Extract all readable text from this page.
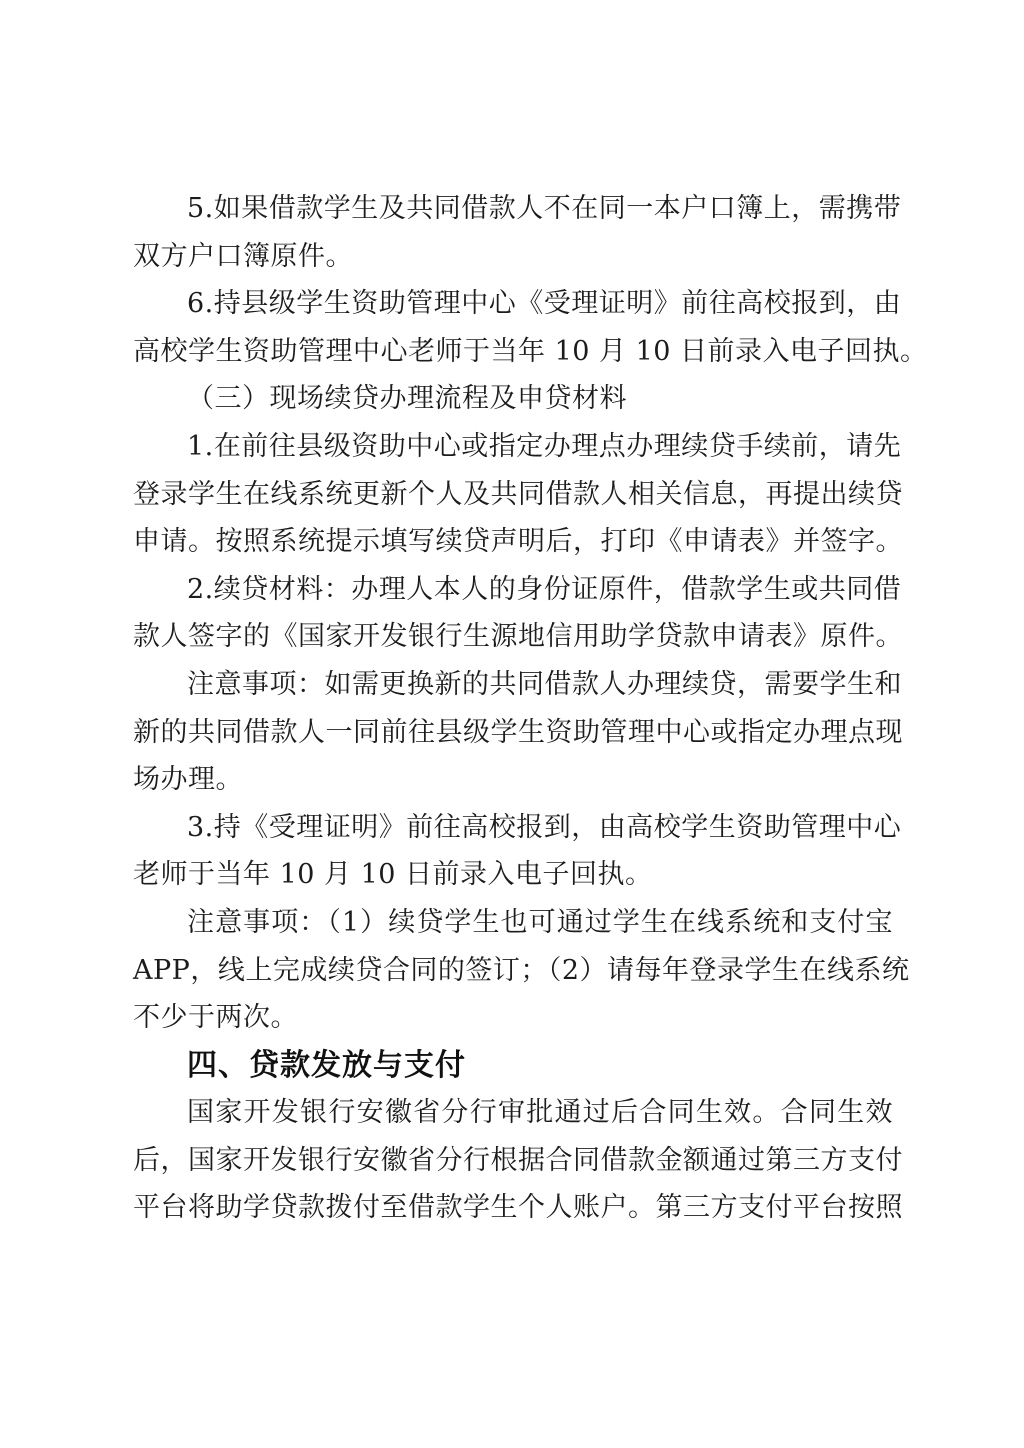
5.如果借款学生及共同借款人不在同一本户口簿上，需携带
双方户口簿原件。
6.持县级学生资助管理中心《受理证明》前往高校报到，由
高校学生资助管理中心老师于当年 10 月 10 日前录入电子回执。
（三）现场续贷办理流程及申贷材料
1.在前往县级资助中心或指定办理点办理续贷手续前，请先
登录学生在线系统更新个人及共同借款人相关信息，再提出续贷
申请。按照系统提示填写续贷声明后，打印《申请表》并签字。
2.续贷材料：办理人本人的身份证原件，借款学生或共同借
款人签字的《国家开发银行生源地信用助学贷款申请表》原件。
注意事项：如需更换新的共同借款人办理续贷，需要学生和
新的共同借款人一同前往县级学生资助管理中心或指定办理点现
场办理。
3.持《受理证明》前往高校报到，由高校学生资助管理中心
老师于当年 10 月 10 日前录入电子回执。
注意事项：（1）续贷学生也可通过学生在线系统和支付宝
APP，线上完成续贷合同的签订；（2）请每年登录学生在线系统
不少于两次。
四、贷款发放与支付
国家开发银行安徽省分行审批通过后合同生效。合同生效
后，国家开发银行安徽省分行根据合同借款金额通过第三方支付
平台将助学贷款拨付至借款学生个人账户。第三方支付平台按照
